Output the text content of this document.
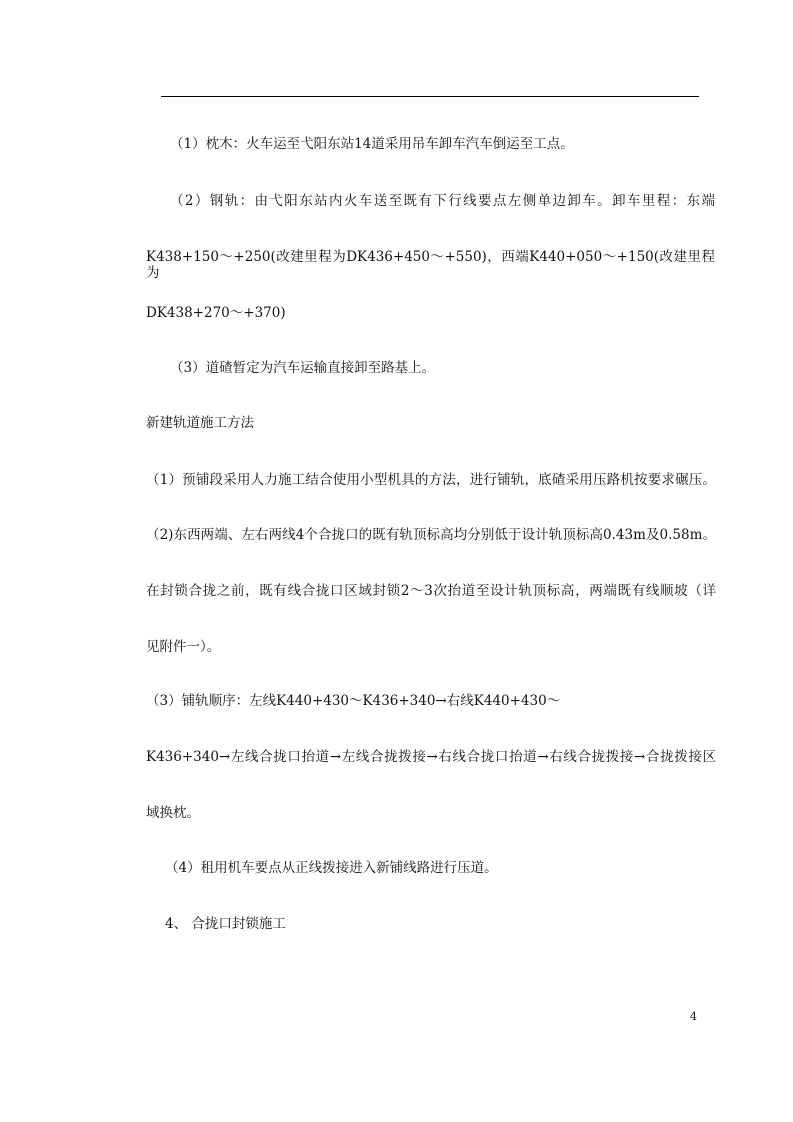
（1）枕木：火车运至弋阳东站14道采用吊车卸车汽车倒运至工点。
（2）钢轨：由弋阳东站内火车送至既有下行线要点左侧单边卸车。卸车里程：东端
K438+150～+250(改建里程为DK436+450～+550)，西端K440+050～+150(改建里程为
DK438+270～+370)
（3）道碴暂定为汽车运输直接卸至路基上。
新建轨道施工方法
（1）预铺段采用人力施工结合使用小型机具的方法，进行铺轨，底碴采用压路机按要求碾压。
（2)东西两端、左右两线4个合拢口的既有轨顶标高均分别低于设计轨顶标高0.43m及0.58m。
在封锁合拢之前，既有线合拢口区域封锁2～3次抬道至设计轨顶标高，两端既有线顺坡（详
见附件一）。
（3）铺轨顺序：左线K440+430～K436+340→右线K440+430～
K436+340→左线合拢口抬道→左线合拢拨接→右线合拢口抬道→右线合拢拨接→合拢拨接区
域换枕。
（4）租用机车要点从正线拨接进入新铺线路进行压道。
4、 合拢口封锁施工
4
